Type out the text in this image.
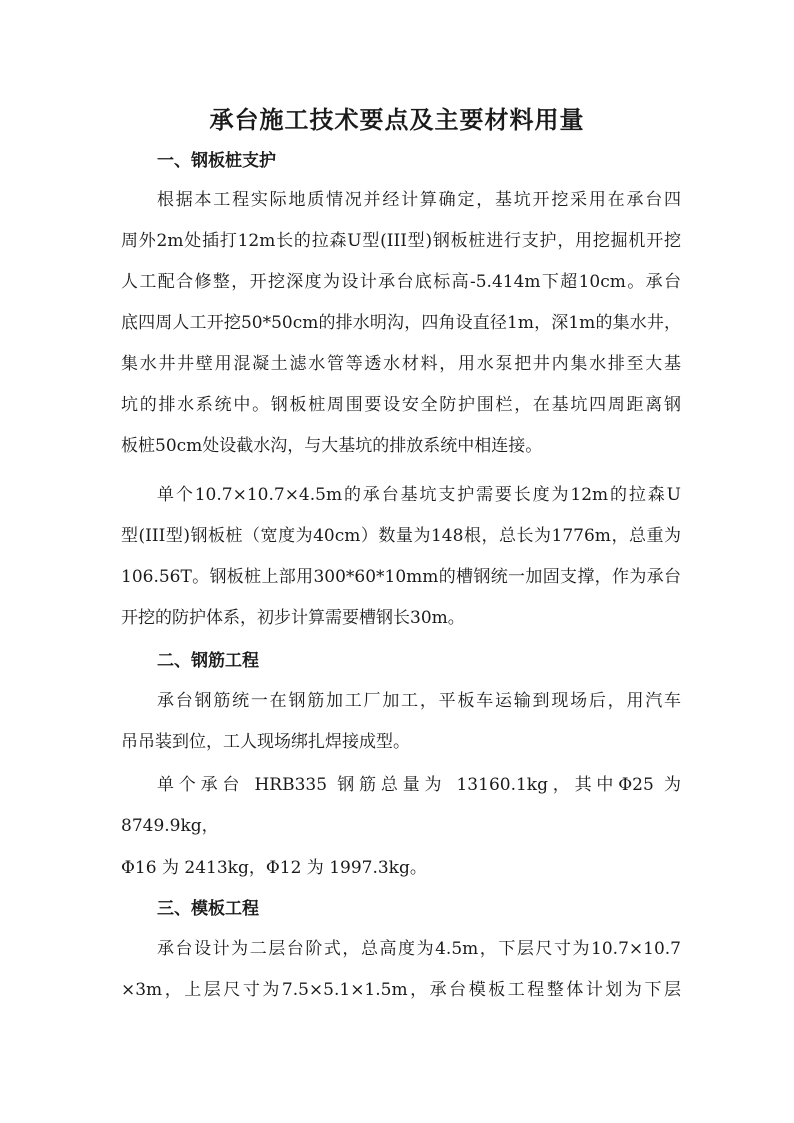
承台施工技术要点及主要材料用量
一、钢板桩支护
根据本工程实际地质情况并经计算确定，基坑开挖采用在承台四
周外2m处插打12m长的拉森U型(III型)钢板桩进行支护，用挖掘机开挖
人工配合修整，开挖深度为设计承台底标高-5.414m下超10cm。承台
底四周人工开挖50*50cm的排水明沟，四角设直径1m，深1m的集水井，
集水井井壁用混凝土滤水管等透水材料，用水泵把井内集水排至大基
坑的排水系统中。钢板桩周围要设安全防护围栏，在基坑四周距离钢
板桩50cm处设截水沟，与大基坑的排放系统中相连接。
单个10.7×10.7×4.5m的承台基坑支护需要长度为12m的拉森U
型(III型)钢板桩（宽度为40cm）数量为148根，总长为1776m，总重为
106.56T。钢板桩上部用300*60*10mm的槽钢统一加固支撑，作为承台
开挖的防护体系，初步计算需要槽钢长30m。
二、钢筋工程
承台钢筋统一在钢筋加工厂加工，平板车运输到现场后，用汽车
吊吊装到位，工人现场绑扎焊接成型。
单个承台 HRB335 钢筋总量为 13160.1kg，其中Φ25 为
8749.9kg，
Φ16 为 2413kg，Φ12 为 1997.3kg。
三、模板工程
承台设计为二层台阶式，总高度为4.5m，下层尺寸为10.7×10.7
×3m，上层尺寸为7.5×5.1×1.5m，承台模板工程整体计划为下层
